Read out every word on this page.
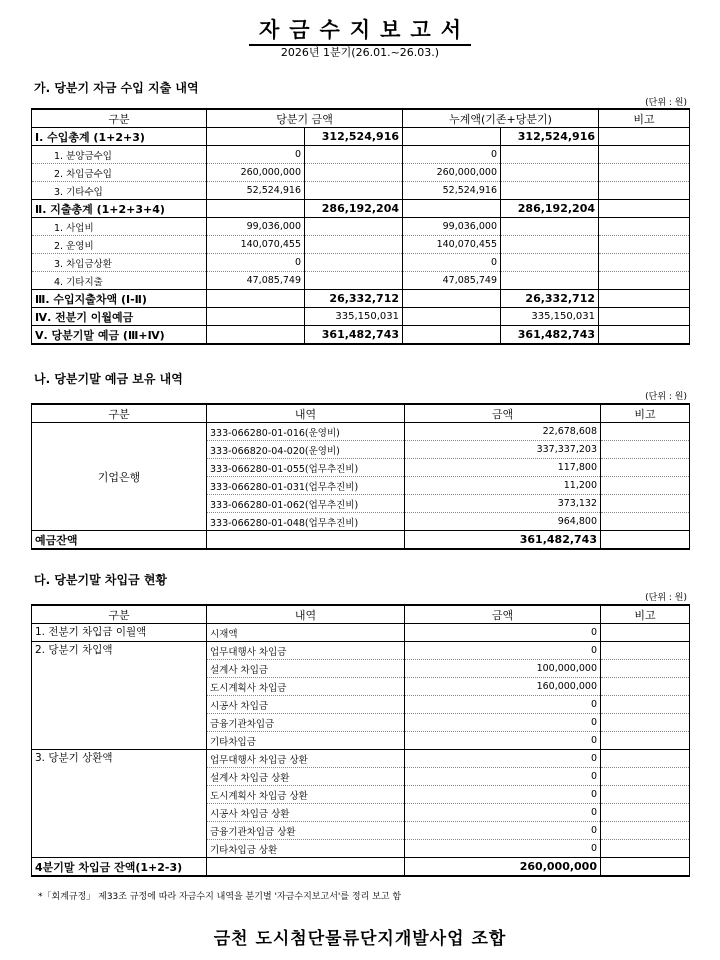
자금수지보고서
2026년 1분기(26.01.~26.03.)
가. 당분기 자금 수입 지출 내역
(단위 : 원)
구분	당분기 금액		누계액(기존+당분기)		비고
Ⅰ. 수입총계 (1+2+3)		312,524,916		312,524,916	
1. 분양금수입	0		0		
2. 차입금수입	260,000,000		260,000,000		
3. 기타수입	52,524,916		52,524,916		
Ⅱ. 지출총계 (1+2+3+4)		286,192,204		286,192,204	
1. 사업비	99,036,000		99,036,000		
2. 운영비	140,070,455		140,070,455		
3. 차입금상환	0		0		
4. 기타지출	47,085,749		47,085,749		
Ⅲ. 수입지출차액 (Ⅰ-Ⅱ)		26,332,712		26,332,712	
Ⅳ. 전분기 이월예금		335,150,031		335,150,031	
Ⅴ. 당분기말 예금 (Ⅲ+Ⅳ)		361,482,743		361,482,743	
나. 당분기말 예금 보유 내역
(단위 : 원)
구분	내역	금액	비고
기업은행	333-066280-01-016(운영비)	22,678,608	
	333-066820-04-020(운영비)	337,337,203	
	333-066280-01-055(업무추진비)	117,800	
	333-066280-01-031(업무추진비)	11,200	
	333-066280-01-062(업무추진비)	373,132	
	333-066280-01-048(업무추진비)	964,800	
예금잔액		361,482,743	
다. 당분기말 차입금 현황
(단위 : 원)
구분	내역	금액	비고
1. 전분기 차입금 이월액	시재액	0	
2. 당분기 차입액	업무대행사 차입금	0	
	설계사 차입금	100,000,000	
	도시계획사 차입금	160,000,000	
	시공사 차입금	0	
	금융기관차입금	0	
	기타차입금	0	
3. 당분기 상환액	업무대행사 차입금 상환	0	
	설계사 차입금 상환	0	
	도시계획사 차입금 상환	0	
	시공사 차입금 상환	0	
	금융기관차입금 상환	0	
	기타차입금 상환	0	
4분기말 차입금 잔액(1+2-3)		260,000,000	
*「회계규정」 제33조 규정에 따라 자금수지 내역을 분기별 '자금수지보고서'를 정리 보고 함
금천 도시첨단물류단지개발사업 조합
